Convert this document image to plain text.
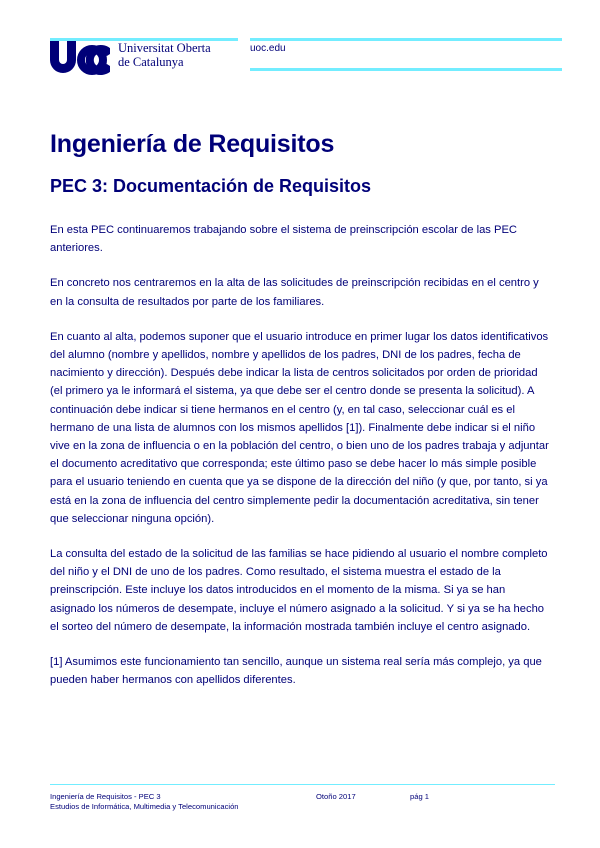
Universitat Oberta
de Catalunya
uoc.edu
Ingeniería de Requisitos
PEC 3: Documentación de Requisitos

En esta PEC continuaremos trabajando sobre el sistema de preinscripción escolar de las PEC anteriores.

En concreto nos centraremos en la alta de las solicitudes de preinscripción recibidas en el centro y en la consulta de resultados por parte de los familiares.

En cuanto al alta, podemos suponer que el usuario introduce en primer lugar los datos identificativos del alumno (nombre y apellidos, nombre y apellidos de los padres, DNI de los padres, fecha de nacimiento y dirección). Después debe indicar la lista de centros solicitados por orden de prioridad (el primero ya le informará el sistema, ya que debe ser el centro donde se presenta la solicitud). A continuación debe indicar si tiene hermanos en el centro (y, en tal caso, seleccionar cuál es el hermano de una lista de alumnos con los mismos apellidos [1]). Finalmente debe indicar si el niño vive en la zona de influencia o en la población del centro, o bien uno de los padres trabaja y adjuntar el documento acreditativo que corresponda; este último paso se debe hacer lo más simple posible para el usuario teniendo en cuenta que ya se dispone de la dirección del niño (y que, por tanto, si ya está en la zona de influencia del centro simplemente pedir la documentación acreditativa, sin tener que seleccionar ninguna opción).

La consulta del estado de la solicitud de las familias se hace pidiendo al usuario el nombre completo del niño y el DNI de uno de los padres. Como resultado, el sistema muestra el estado de la preinscripción. Este incluye los datos introducidos en el momento de la misma. Si ya se han asignado los números de desempate, incluye el número asignado a la solicitud. Y si ya se ha hecho el sorteo del número de desempate, la información mostrada también incluye el centro asignado.

[1] Asumimos este funcionamiento tan sencillo, aunque un sistema real sería más complejo, ya que pueden haber hermanos con apellidos diferentes.

Ingeniería de Requisitos - PEC 3
Estudios de Informática, Multimedia y Telecomunicación
Otoño 2017	pág 1
